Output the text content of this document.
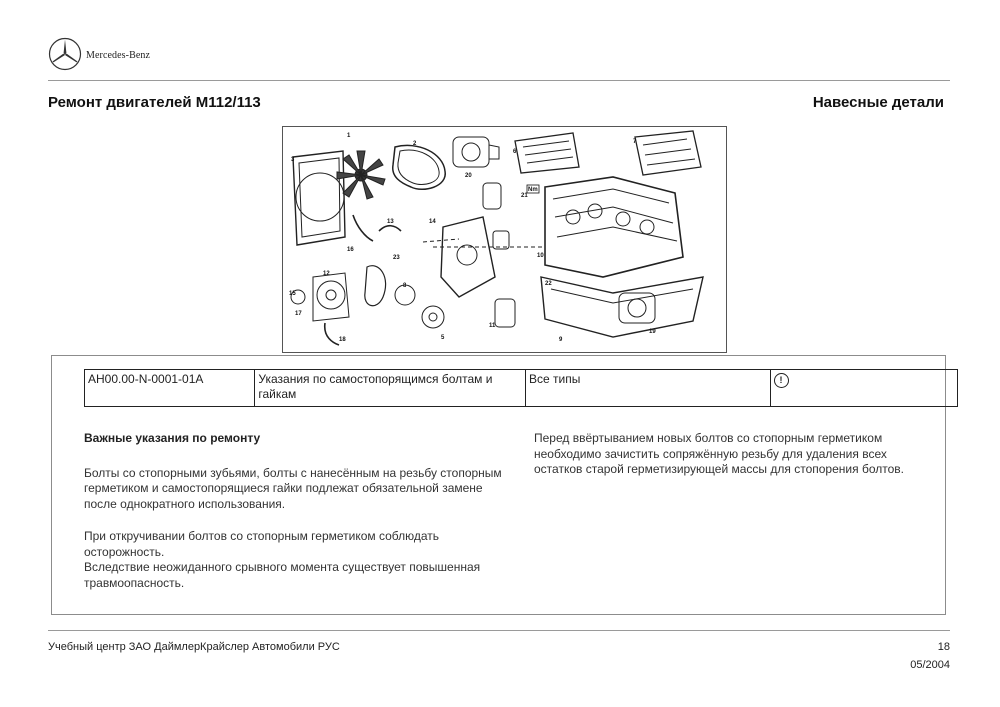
Mercedes-Benz
Ремонт двигателей М112/113	Навесные детали
1
2
3
5
6
7
8
9
10
11
12
13	14
15
16
17
18
19
20
21
22
23
Nm
AH00.00-N-0001-01A	Указания по самостопорящимся болтам и гайкам	Все типы	!
Важные указания по ремонту

Болты со стопорными зубьями, болты с нанесённым на резьбу стопорным герметиком и самостопорящиеся гайки подлежат обязательной замене после однократного использования.

При откручивании болтов со стопорным герметиком соблюдать осторожность.

Вследствие неожиданного срывного момента существует повышенная травмоопасность.

Перед ввёртыванием новых болтов со стопорным герметиком необходимо зачистить сопряжённую резьбу для удаления всех остатков старой герметизирующей массы для стопорения болтов.

Учебный центр ЗАО ДаймлерКрайслер Автомобили РУС	18
05/2004
